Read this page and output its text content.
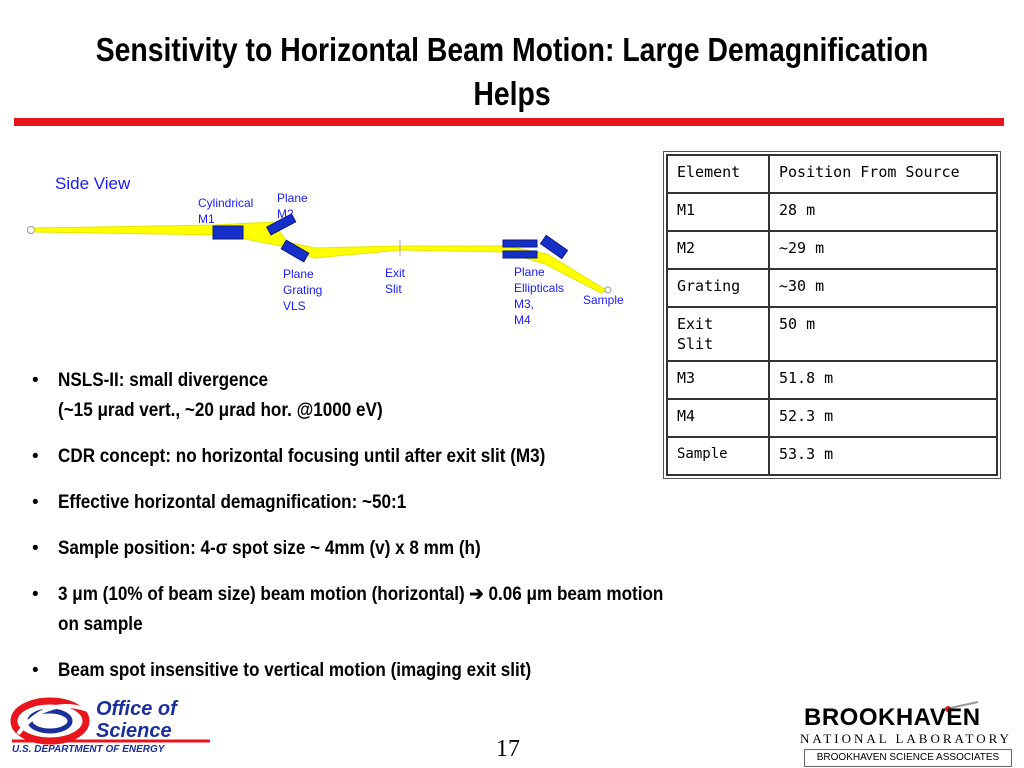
Sensitivity to Horizontal Beam Motion: Large Demagnification Helps
Side View
Cylindrical
M1
Plane
M2
Plane
Grating
VLS
Exit
Slit
Plane
Ellipticals
M3,
M4
Sample
Element	Position From Source
M1	28 m
M2	~29 m
Grating	~30 m
Exit Slit	50 m
M3	51.8 m
M4	52.3 m
Sample	53.3 m
• NSLS-II: small divergence
(~15 μrad vert., ~20 μrad hor. @1000 eV)
• CDR concept: no horizontal focusing until after exit slit (M3)
• Effective horizontal demagnification: ~50:1
• Sample position: 4-σ spot size ~ 4mm (v) x 8 mm (h)
• 3 μm (10% of beam size) beam motion (horizontal) ➔ 0.06 μm beam motion
on sample
• Beam spot insensitive to vertical motion (imaging exit slit)
Office of
Science
U.S. DEPARTMENT OF ENERGY	17
BROOKHAVEN
NATIONAL LABORATORY
BROOKHAVEN SCIENCE ASSOCIATES
